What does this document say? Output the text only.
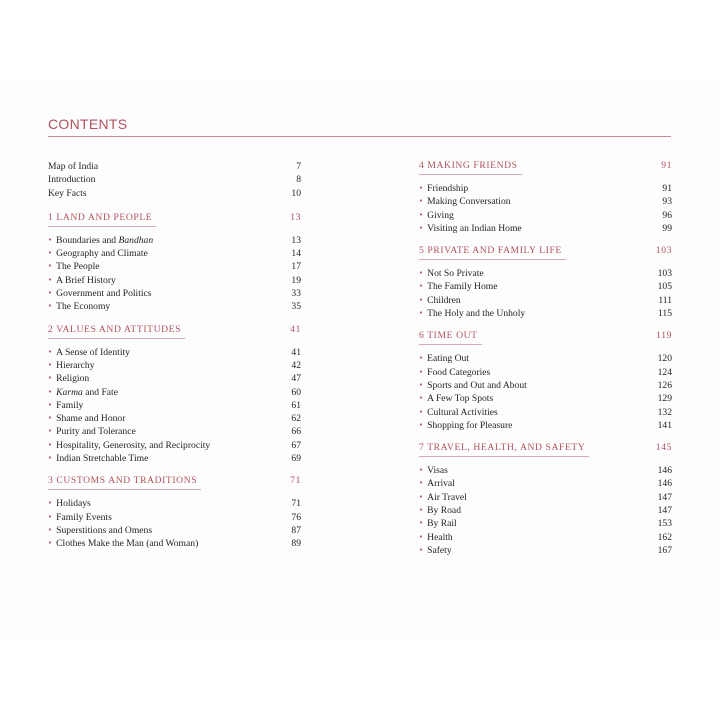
CONTENTS
Map of India	7
Introduction	8
Key Facts	10
1 LAND AND PEOPLE	13
• Boundaries and Bandhan	13
• Geography and Climate	14
• The People	17
• A Brief History	19
• Government and Politics	33
• The Economy	35
2 VALUES AND ATTITUDES	41
• A Sense of Identity	41
• Hierarchy	42
• Religion	47
• Karma and Fate	60
• Family	61
• Shame and Honor	62
• Purity and Tolerance	66
• Hospitality, Generosity, and Reciprocity	67
• Indian Stretchable Time	69
3 CUSTOMS AND TRADITIONS	71
• Holidays	71
• Family Events	76
• Superstitions and Omens	87
• Clothes Make the Man (and Woman)	89
4 MAKING FRIENDS	91
• Friendship	91
• Making Conversation	93
• Giving	96
• Visiting an Indian Home	99
5 PRIVATE AND FAMILY LIFE	103
• Not So Private	103
• The Family Home	105
• Children	111
• The Holy and the Unholy	115
6 TIME OUT	119
• Eating Out	120
• Food Categories	124
• Sports and Out and About	126
• A Few Top Spots	129
• Cultural Activities	132
• Shopping for Pleasure	141
7 TRAVEL, HEALTH, AND SAFETY	145
• Visas	146
• Arrival	146
• Air Travel	147
• By Road	147
• By Rail	153
• Health	162
• Safety	167
